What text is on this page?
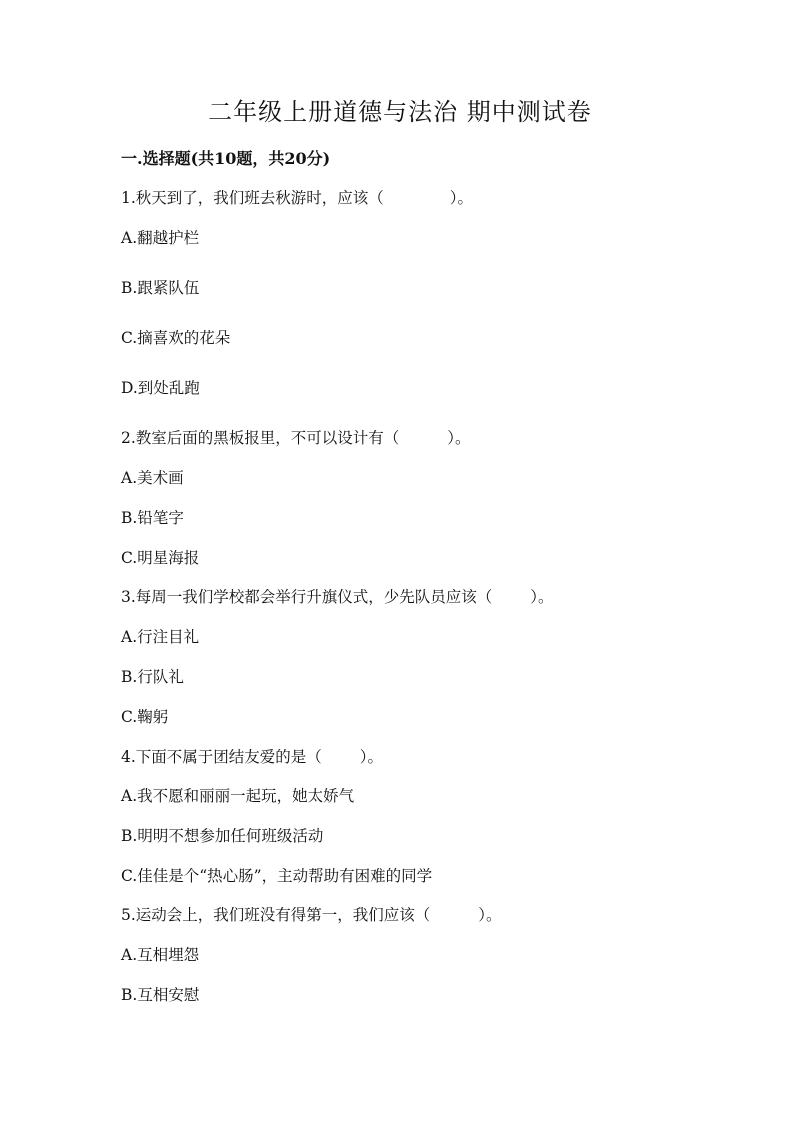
二年级上册道德与法治 期中测试卷
一.选择题(共10题，共20分)
1.秋天到了，我们班去秋游时，应该（	）。
A.翻越护栏
B.跟紧队伍
C.摘喜欢的花朵
D.到处乱跑
2.教室后面的黑板报里，不可以设计有（	）。
A.美术画
B.铅笔字
C.明星海报
3.每周一我们学校都会举行升旗仪式，少先队员应该（ ）。
A.行注目礼
B.行队礼
C.鞠躬
4.下面不属于团结友爱的是（ ）。
A.我不愿和丽丽一起玩，她太娇气
B.明明不想参加任何班级活动
C.佳佳是个“热心肠”，主动帮助有困难的同学
5.运动会上，我们班没有得第一，我们应该（	）。
A.互相埋怨
B.互相安慰
